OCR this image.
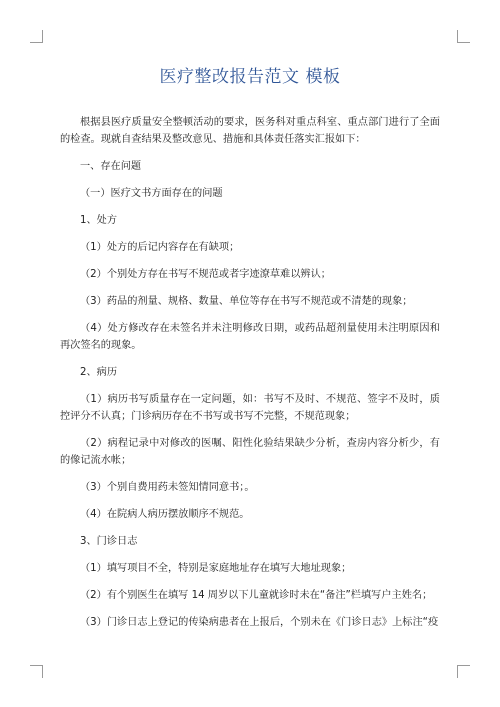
医疗整改报告范文 模板

根据县医疗质量安全整顿活动的要求，医务科对重点科室、重点部门进行了全面的检查。现就自查结果及整改意见、措施和具体责任落实汇报如下：

一、存在问题

（一）医疗文书方面存在的问题

1、处方

（1）处方的后记内容存在有缺项；

（2）个别处方存在书写不规范或者字迹潦草难以辨认；

（3）药品的剂量、规格、数量、单位等存在书写不规范或不清楚的现象；

（4）处方修改存在未签名并未注明修改日期，或药品超剂量使用未注明原因和再次签名的现象。

2、病历

（1）病历书写质量存在一定问题，如：书写不及时、不规范、签字不及时，质控评分不认真；门诊病历存在不书写或书写不完整，不规范现象；

（2）病程记录中对修改的医嘱、阳性化验结果缺少分析，查房内容分析少，有的像记流水帐；

（3）个别自费用药未签知情同意书；。

（4）在院病人病历摆放顺序不规范。

3、门诊日志

（1）填写项目不全，特别是家庭地址存在填写大地址现象；

（2）有个别医生在填写 14 周岁以下儿童就诊时未在“备注”栏填写户主姓名；

（3）门诊日志上登记的传染病患者在上报后，个别未在《门诊日志》上标注“疫
